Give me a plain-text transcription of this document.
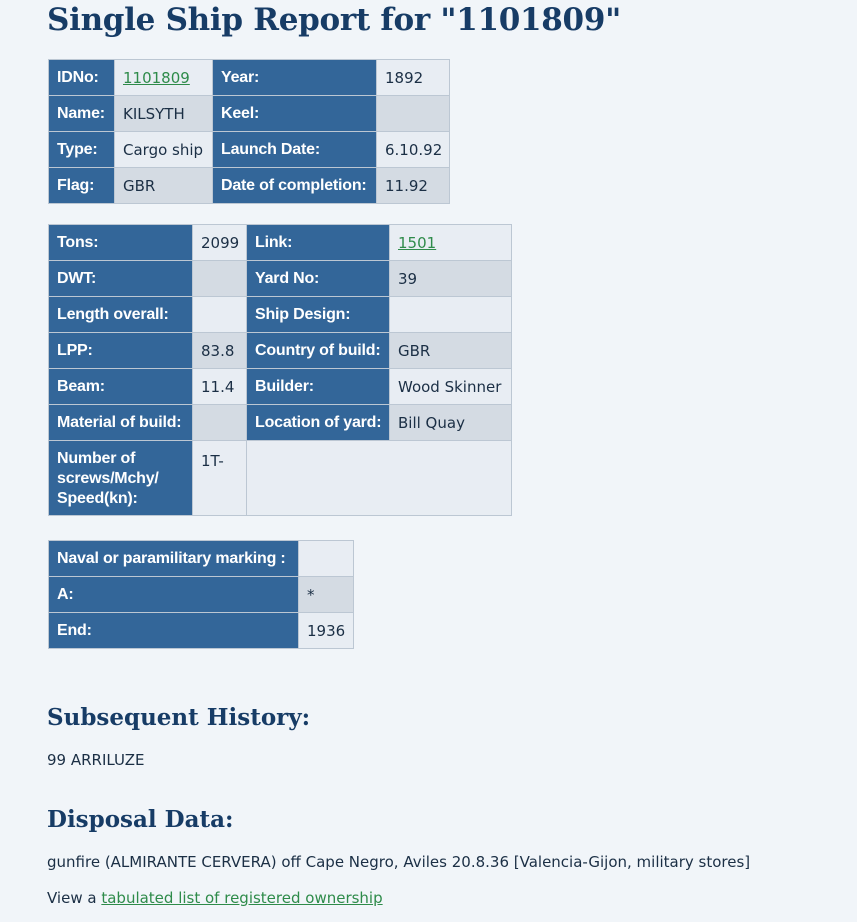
Single Ship Report for "1101809"
IDNo:	1101809	Year:	1892
Name:	KILSYTH	Keel:	
Type:	Cargo ship	Launch Date:	6.10.92
Flag:	GBR	Date of completion:	11.92
Tons:	2099	Link:	1501
DWT:		Yard No:	39
Length overall:		Ship Design:	
LPP:	83.8	Country of build:	GBR
Beam:	11.4	Builder:	Wood Skinner
Material of build:		Location of yard:	Bill Quay
Number of screws/Mchy/ Speed(kn):	1T-		
Naval or paramilitary marking :	
A:	*
End:	1936
Subsequent History:

99 ARRILUZE

Disposal Data:

gunfire (ALMIRANTE CERVERA) off Cape Negro, Aviles 20.8.36 [Valencia-Gijon, military stores]

View a tabulated list of registered ownership
